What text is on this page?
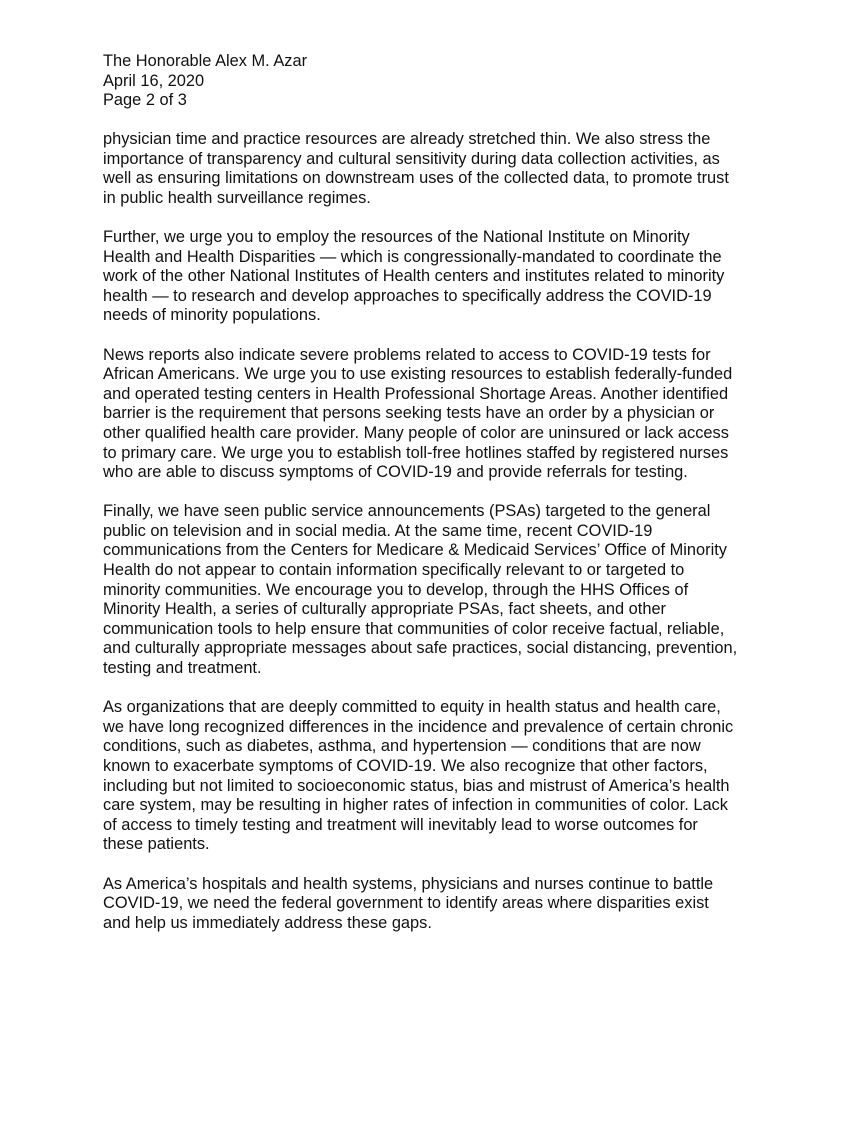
The Honorable Alex M. Azar
April 16, 2020
Page 2 of 3

physician time and practice resources are already stretched thin. We also stress the
importance of transparency and cultural sensitivity during data collection activities, as
well as ensuring limitations on downstream uses of the collected data, to promote trust
in public health surveillance regimes.

Further, we urge you to employ the resources of the National Institute on Minority
Health and Health Disparities — which is congressionally-mandated to coordinate the
work of the other National Institutes of Health centers and institutes related to minority
health — to research and develop approaches to specifically address the COVID-19
needs of minority populations.

News reports also indicate severe problems related to access to COVID-19 tests for
African Americans. We urge you to use existing resources to establish federally-funded
and operated testing centers in Health Professional Shortage Areas. Another identified
barrier is the requirement that persons seeking tests have an order by a physician or
other qualified health care provider. Many people of color are uninsured or lack access
to primary care. We urge you to establish toll-free hotlines staffed by registered nurses
who are able to discuss symptoms of COVID-19 and provide referrals for testing.

Finally, we have seen public service announcements (PSAs) targeted to the general
public on television and in social media. At the same time, recent COVID-19
communications from the Centers for Medicare & Medicaid Services’ Office of Minority
Health do not appear to contain information specifically relevant to or targeted to
minority communities. We encourage you to develop, through the HHS Offices of
Minority Health, a series of culturally appropriate PSAs, fact sheets, and other
communication tools to help ensure that communities of color receive factual, reliable,
and culturally appropriate messages about safe practices, social distancing, prevention,
testing and treatment.

As organizations that are deeply committed to equity in health status and health care,
we have long recognized differences in the incidence and prevalence of certain chronic
conditions, such as diabetes, asthma, and hypertension — conditions that are now
known to exacerbate symptoms of COVID-19. We also recognize that other factors,
including but not limited to socioeconomic status, bias and mistrust of America’s health
care system, may be resulting in higher rates of infection in communities of color. Lack
of access to timely testing and treatment will inevitably lead to worse outcomes for
these patients.

As America’s hospitals and health systems, physicians and nurses continue to battle
COVID-19, we need the federal government to identify areas where disparities exist
and help us immediately address these gaps.
